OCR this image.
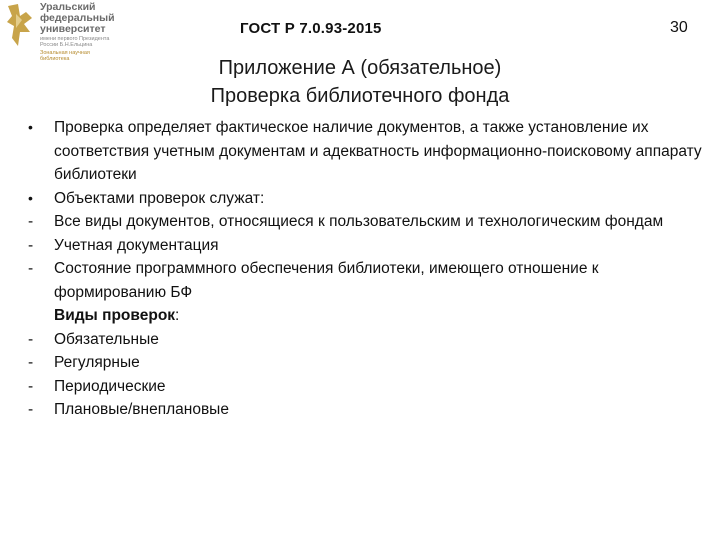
Уральский
федеральный
университет
имени первого Президента
России Б.Н.Ельцина
Зональная научная
библиотека
ГОСТ Р 7.0.93-2015	30
Приложение А (обязательное)
Проверка библиотечного фонда
•	Проверка определяет фактическое наличие документов, а также установление их соответствия учетным документам и адекватность информационно-поисковому аппарату библиотеки
•	Объектами проверок служат:
-	Все виды документов, относящиеся к пользовательским и технологическим фондам
-	Учетная документация
-	Состояние программного обеспечения библиотеки, имеющего отношение к формированию БФ
Виды проверок:
-	Обязательные
-	Регулярные
-	Периодические
-	Плановые/внеплановые
